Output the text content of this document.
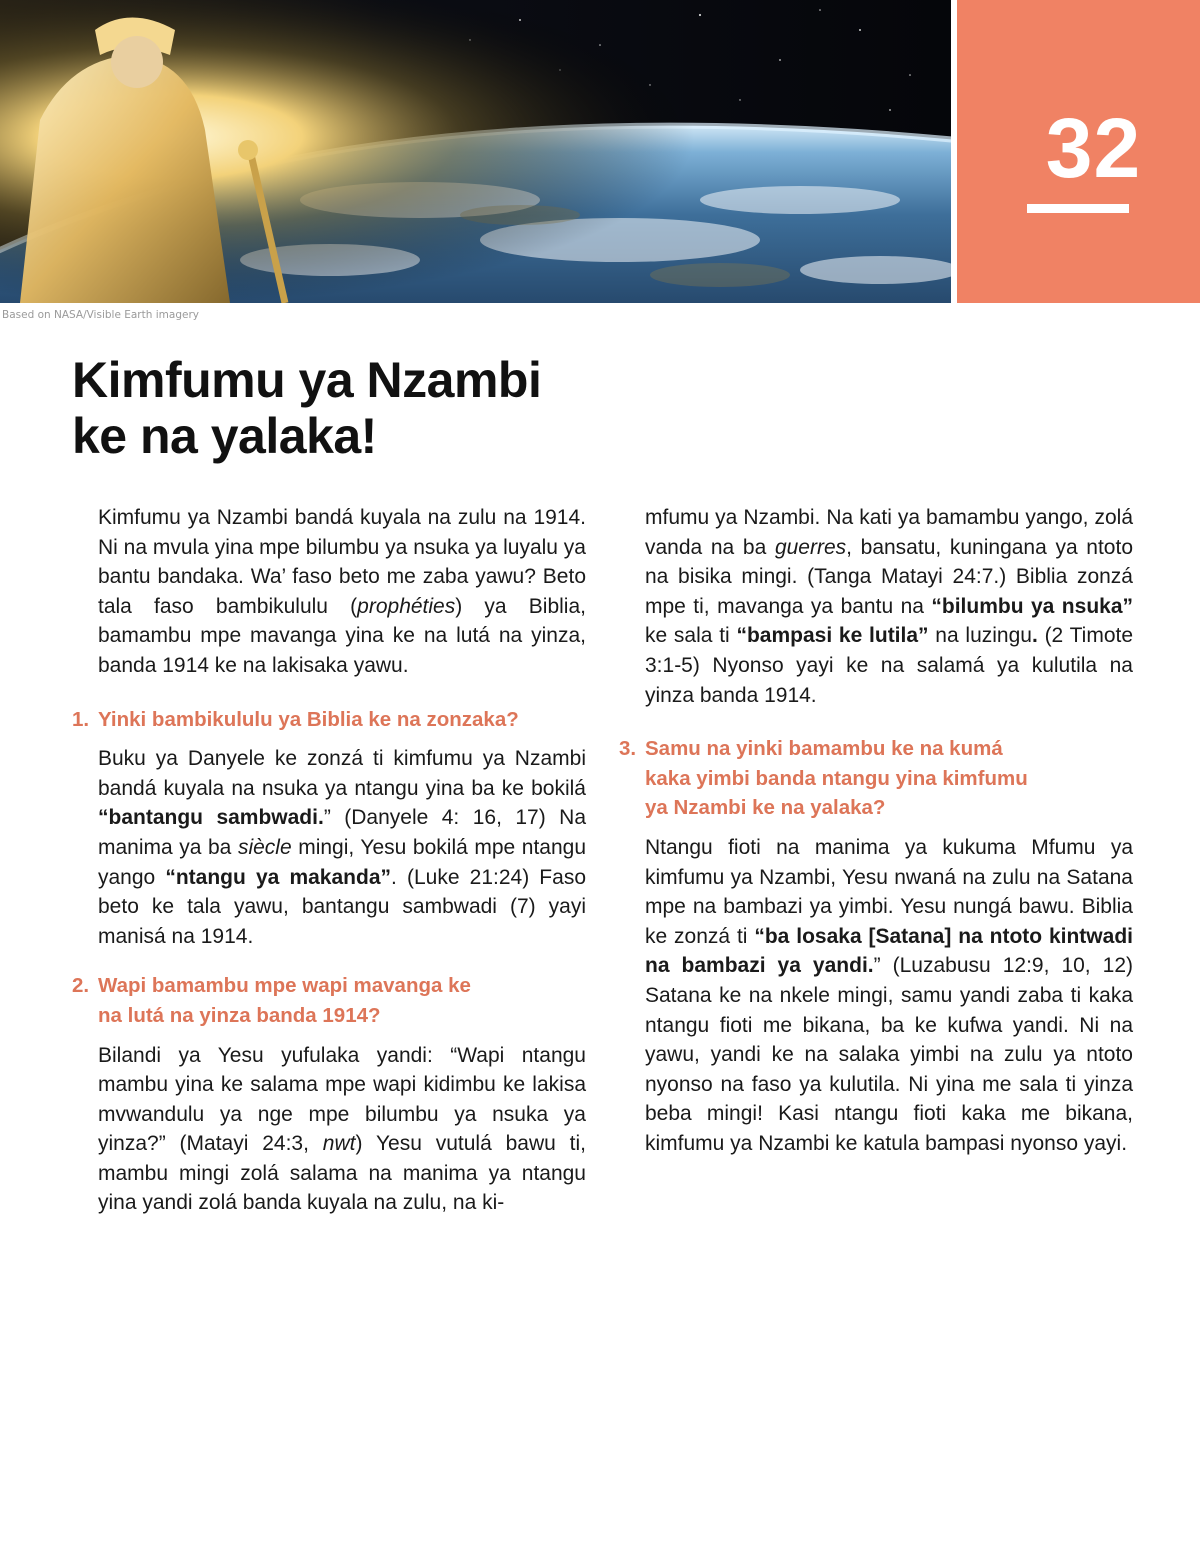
32
Based on NASA/Visible Earth imagery
Kimfumu ya Nzambi
ke na yalaka!

Kimfumu ya Nzambi bandá kuyala na zulu na 1914. Ni na mvula yina mpe bilumbu ya nsuka ya luyalu ya bantu bandaka. Wa’ faso beto me zaba yawu? Beto tala faso bambikululu (prophéties) ya Biblia, bamambu mpe mavanga yina ke na lutá na yinza, banda 1914 ke na lakisaka yawu.

1. Yinki bambikululu ya Biblia ke na zonzaka?

Buku ya Danyele ke zonzá ti kimfumu ya Nzambi bandá kuyala na nsuka ya ntangu yina ba ke bokilá “bantangu sambwadi.” (Danyele 4: 16, 17) Na manima ya ba siècle mingi, Yesu bokilá mpe ntangu yango “ntangu ya makanda”. (Luke 21:24) Faso beto ke tala yawu, bantangu sambwadi (7) yayi manisá na 1914.

2. Wapi bamambu mpe wapi mavanga ke
na lutá na yinza banda 1914?

Bilandi ya Yesu yufulaka yandi: “Wapi ntangu mambu yina ke salama mpe wapi kidimbu ke lakisa mvwandulu ya nge mpe bilumbu ya nsuka ya yinza?” (Matayi 24:3, nwt) Yesu vutulá bawu ti, mambu mingi zolá salama na manima ya ntangu yina yandi zolá banda kuyala na zulu, na ki-

mfumu ya Nzambi. Na kati ya bamambu yango, zolá vanda na ba guerres, bansatu, kuningana ya ntoto na bisika mingi. (Tanga Matayi 24:7.) Biblia zonzá mpe ti, mavanga ya bantu na “bilumbu ya nsuka” ke sala ti “bampasi ke lutila” na luzingu. (2 Timote 3:1-5) Nyonso yayi ke na salamá ya kulutila na yinza banda 1914.

3. Samu na yinki bamambu ke na kumá
kaka yimbi banda ntangu yina kimfumu
ya Nzambi ke na yalaka?

Ntangu fioti na manima ya kukuma Mfumu ya kimfumu ya Nzambi, Yesu nwaná na zulu na Satana mpe na bambazi ya yimbi. Yesu nungá bawu. Biblia ke zonzá ti “ba losaka [Satana] na ntoto kintwadi na bambazi ya yandi.” (Luzabusu 12:9, 10, 12) Satana ke na nkele mingi, samu yandi zaba ti kaka ntangu fioti me bikana, ba ke kufwa yandi. Ni na yawu, yandi ke na salaka yimbi na zulu ya ntoto nyonso na faso ya kulutila. Ni yina me sala ti yinza beba mingi! Kasi ntangu fioti kaka me bikana, kimfumu ya Nzambi ke katula bampasi nyonso yayi.
